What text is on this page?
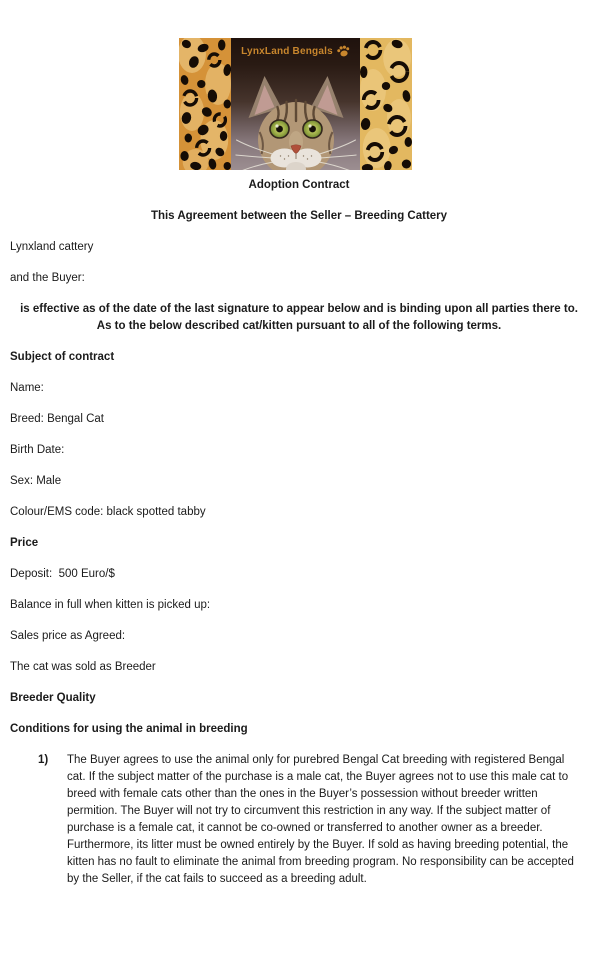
LynxLand Bengals

Adoption Contract

This Agreement between the Seller – Breeding Cattery

Lynxland cattery

and the Buyer:

is effective as of the date of the last signature to appear below and is binding upon all parties there to. As to the below described cat/kitten pursuant to all of the following terms.

Subject of contract

Name:

Breed: Bengal Cat

Birth Date:

Sex: Male

Colour/EMS code: black spotted tabby

Price

Deposit:  500 Euro/$

Balance in full when kitten is picked up:

Sales price as Agreed:

The cat was sold as Breeder

Breeder Quality

Conditions for using the animal in breeding

1)	The Buyer agrees to use the animal only for purebred Bengal Cat breeding with registered Bengal cat. If the subject matter of the purchase is a male cat, the Buyer agrees not to use this male cat to breed with female cats other than the ones in the Buyer’s possession without breeder written permition. The Buyer will not try to circumvent this restriction in any way. If the subject matter of purchase is a female cat, it cannot be co-owned or transferred to another owner as a breeder. Furthermore, its litter must be owned entirely by the Buyer. If sold as having breeding potential, the kitten has no fault to eliminate the animal from breeding program. No responsibility can be accepted by the Seller, if the cat fails to succeed as a breeding adult.
